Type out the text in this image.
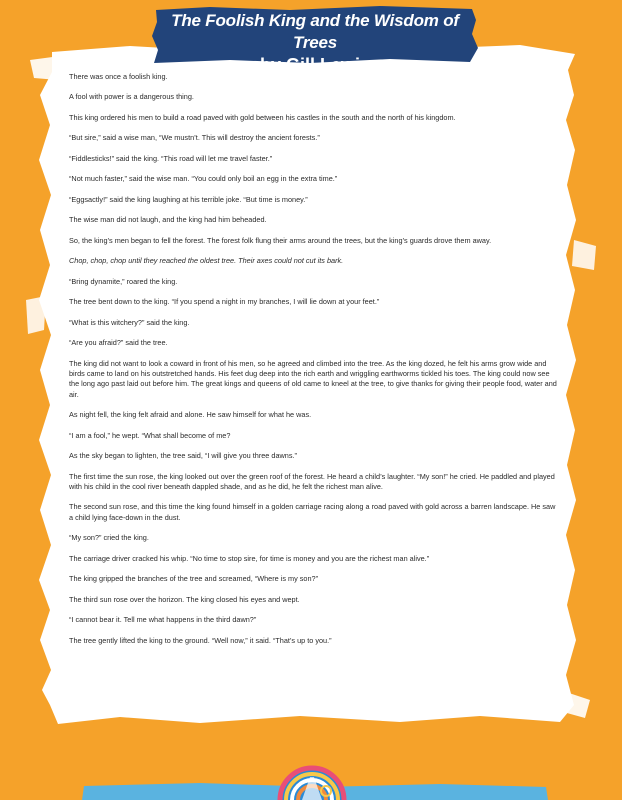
The Foolish King and the Wisdom of Trees
by Gill Lewis

There was once a foolish king.

A fool with power is a dangerous thing.

This king ordered his men to build a road paved with gold between his castles in the south and the north of his kingdom.

“But sire,” said a wise man, “We mustn’t. This will destroy the ancient forests.”

“Fiddlesticks!” said the king. “This road will let me travel faster.”

“Not much faster,” said the wise man. “You could only boil an egg in the extra time.”

“Eggsactly!” said the king laughing at his terrible joke. “But time is money.”

The wise man did not laugh, and the king had him beheaded.

So, the king’s men began to fell the forest. The forest folk flung their arms around the trees, but the king’s guards drove them away.

Chop, chop, chop until they reached the oldest tree. Their axes could not cut its bark.

“Bring dynamite,” roared the king.

The tree bent down to the king. “If you spend a night in my branches, I will lie down at your feet.”

“What is this witchery?” said the king.

“Are you afraid?” said the tree.

The king did not want to look a coward in front of his men, so he agreed and climbed into the tree. As the king dozed, he felt his arms grow wide and birds came to land on his outstretched hands. His feet dug deep into the rich earth and wriggling earthworms tickled his toes. The king could now see the long ago past laid out before him. The great kings and queens of old came to kneel at the tree, to give thanks for giving their people food, water and air.

As night fell, the king felt afraid and alone. He saw himself for what he was.

“I am a fool,” he wept. “What shall become of me?

As the sky began to lighten, the tree said, “I will give you three dawns.”

The first time the sun rose, the king looked out over the green roof of the forest. He heard a child’s laughter. “My son!” he cried. He paddled and played with his child in the cool river beneath dappled shade, and as he did, he felt the richest man alive.

The second sun rose, and this time the king found himself in a golden carriage racing along a road paved with gold across a barren landscape. He saw a child lying face-down in the dust.

“My son?” cried the king.

The carriage driver cracked his whip. “No time to stop sire, for time is money and you are the richest man alive.”

The king gripped the branches of the tree and screamed, “Where is my son?”

The third sun rose over the horizon. The king closed his eyes and wept.

“I cannot bear it. Tell me what happens in the third dawn?”

The tree gently lifted the king to the ground. “Well now,” it said. “That’s up to you.”
